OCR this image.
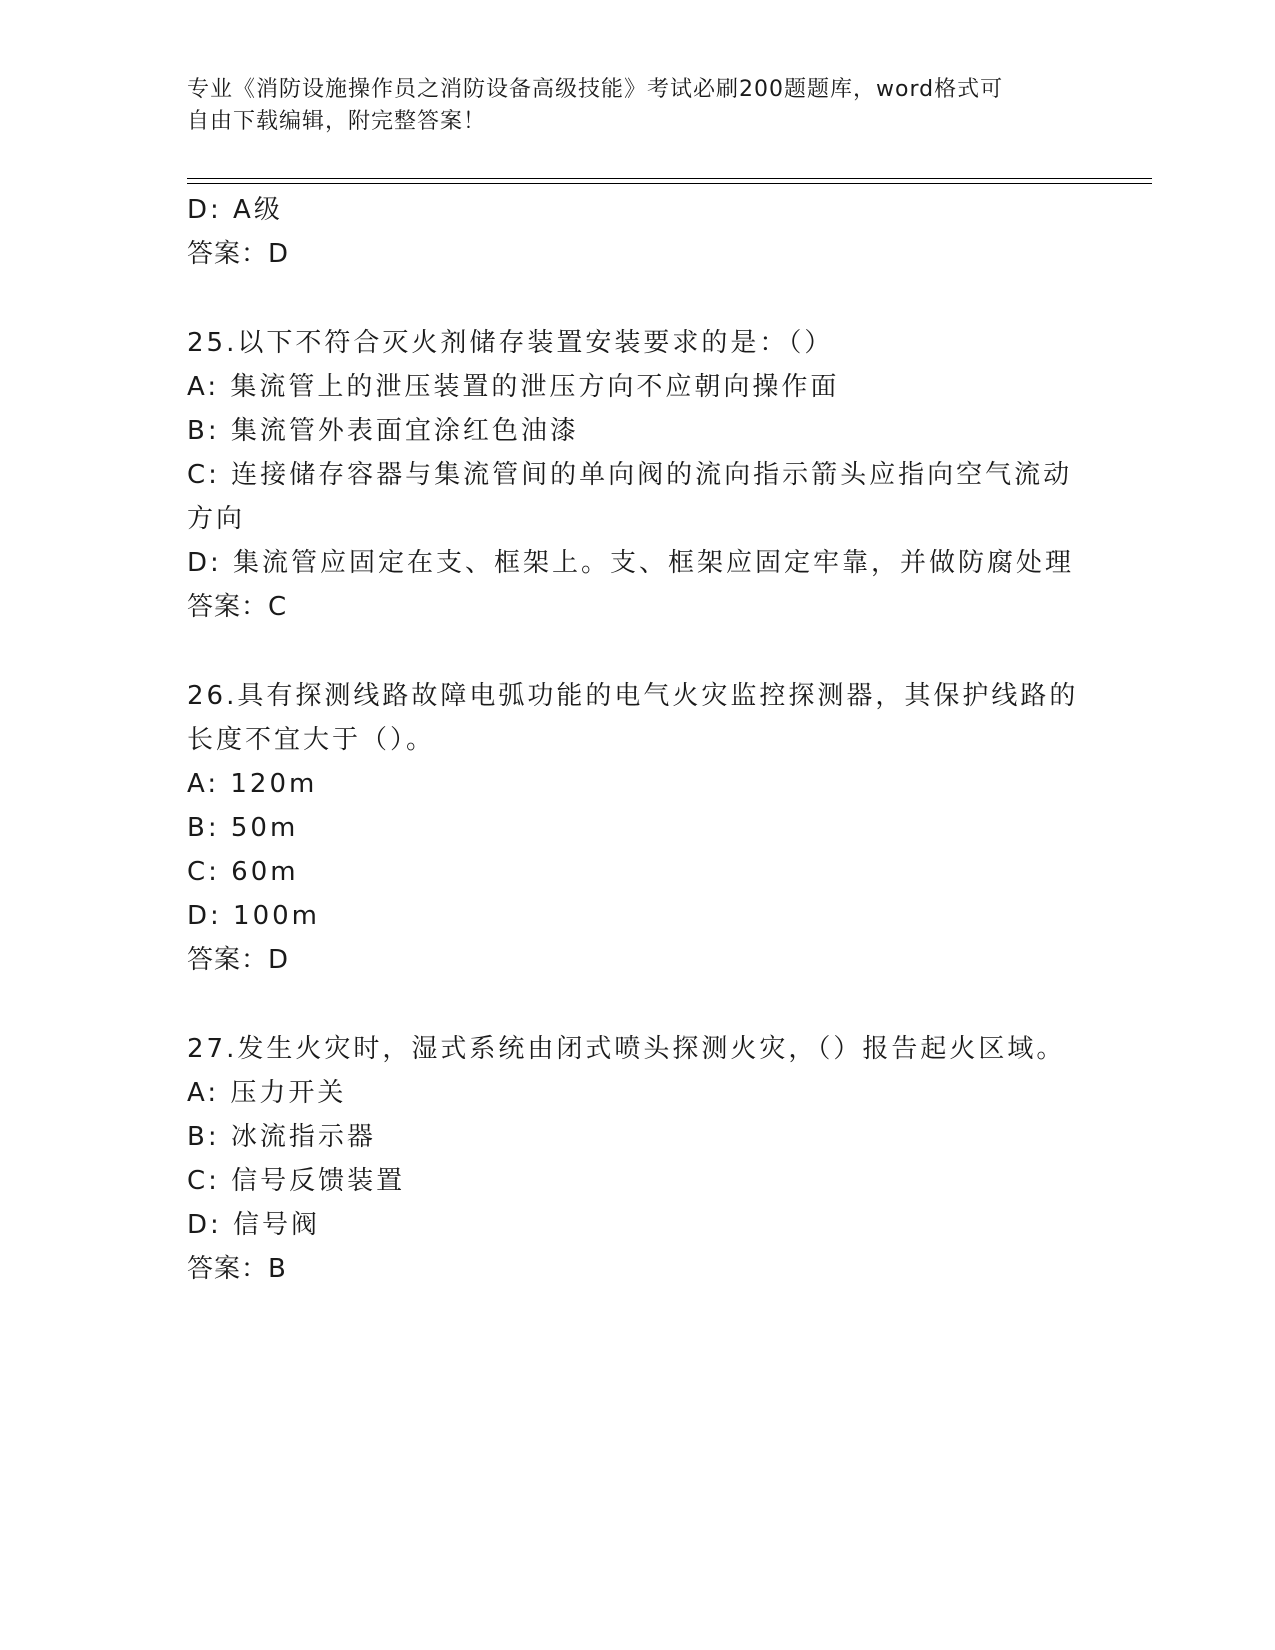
专业《消防设施操作员之消防设备高级技能》考试必刷200题题库，word格式可
自由下载编辑，附完整答案！
D: A级
答案：D
25.以下不符合灭火剂储存装置安装要求的是：（）
A: 集流管上的泄压装置的泄压方向不应朝向操作面
B: 集流管外表面宜涂红色油漆
C: 连接储存容器与集流管间的单向阀的流向指示箭头应指向空气流动
方向
D: 集流管应固定在支、框架上。支、框架应固定牢靠，并做防腐处理
答案：C
26.具有探测线路故障电弧功能的电气火灾监控探测器，其保护线路的
长度不宜大于（）。
A: 120m
B: 50m
C: 60m
D: 100m
答案：D
27.发生火灾时，湿式系统由闭式喷头探测火灾，（）报告起火区域。
A: 压力开关
B: 冰流指示器
C: 信号反馈装置
D: 信号阀
答案：B
